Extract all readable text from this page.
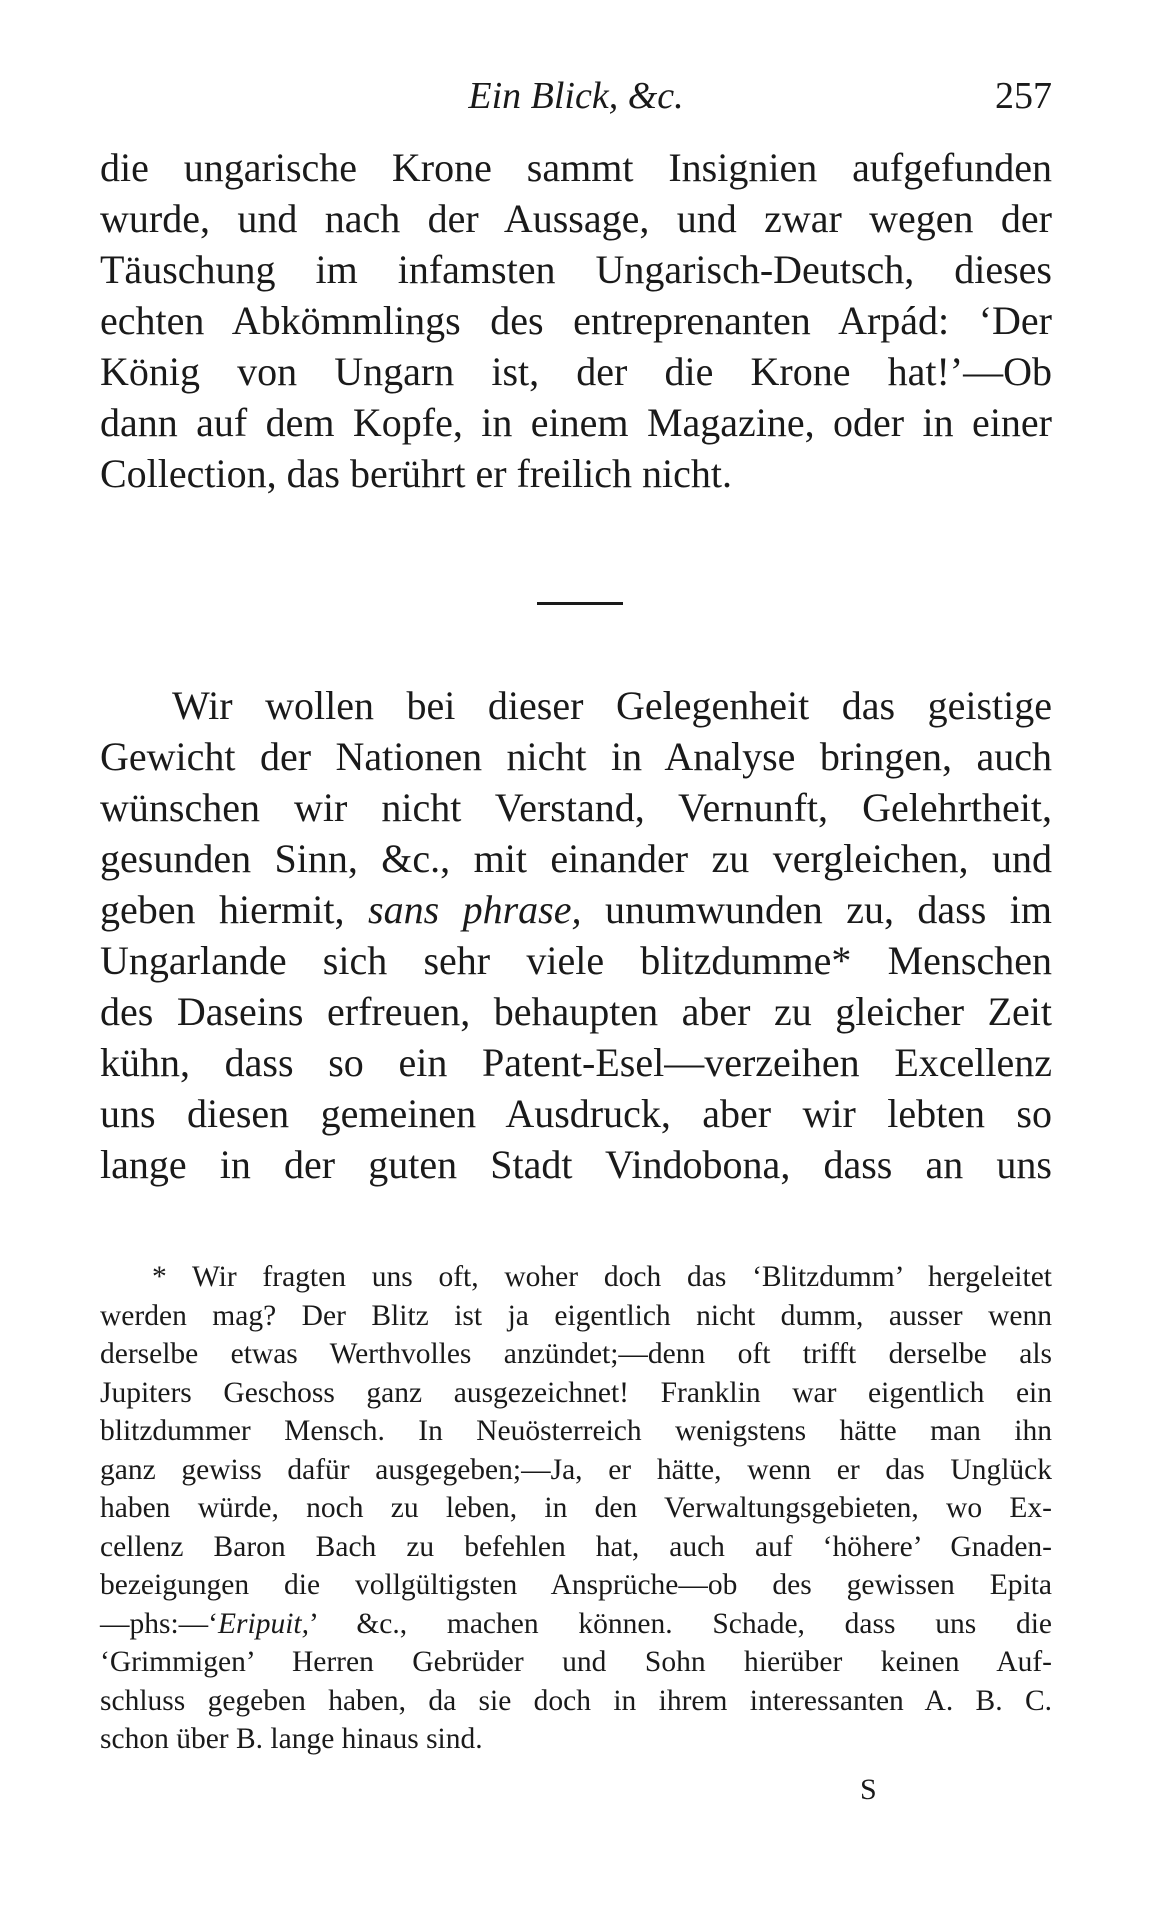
Ein Blick, &c.	257
die ungarische Krone sammt Insignien aufgefunden
wurde, und nach der Aussage, und zwar wegen der
Täuschung im infamsten Ungarisch-Deutsch, dieses
echten Abkömmlings des entreprenanten Arpád: ‘Der
König von Ungarn ist, der die Krone hat!’—Ob
dann auf dem Kopfe, in einem Magazine, oder in einer
Collection, das berührt er freilich nicht.
Wir wollen bei dieser Gelegenheit das geistige
Gewicht der Nationen nicht in Analyse bringen, auch
wünschen wir nicht Verstand, Vernunft, Gelehrtheit,
gesunden Sinn, &c., mit einander zu vergleichen, und
geben hiermit, sans phrase, unumwunden zu, dass im
Ungarlande sich sehr viele blitzdumme* Menschen
des Daseins erfreuen, behaupten aber zu gleicher Zeit
kühn, dass so ein Patent-Esel—verzeihen Excellenz
uns diesen gemeinen Ausdruck, aber wir lebten so
lange in der guten Stadt Vindobona, dass an uns
* Wir fragten uns oft, woher doch das ‘Blitzdumm’ hergeleitet
werden mag? Der Blitz ist ja eigentlich nicht dumm, ausser wenn
derselbe etwas Werthvolles anzündet;—denn oft trifft derselbe als
Jupiters Geschoss ganz ausgezeichnet! Franklin war eigentlich ein
blitzdummer Mensch. In Neuösterreich wenigstens hätte man ihn
ganz gewiss dafür ausgegeben;—Ja, er hätte, wenn er das Unglück
haben würde, noch zu leben, in den Verwaltungsgebieten, wo Ex-
cellenz Baron Bach zu befehlen hat, auch auf ‘höhere’ Gnaden-
bezeigungen die vollgültigsten Ansprüche—ob des gewissen Epita
—phs:—‘Eripuit,’ &c., machen können. Schade, dass uns die
‘Grimmigen’ Herren Gebrüder und Sohn hierüber keinen Auf-
schluss gegeben haben, da sie doch in ihrem interessanten A. B. C.
schon über B. lange hinaus sind.
S
